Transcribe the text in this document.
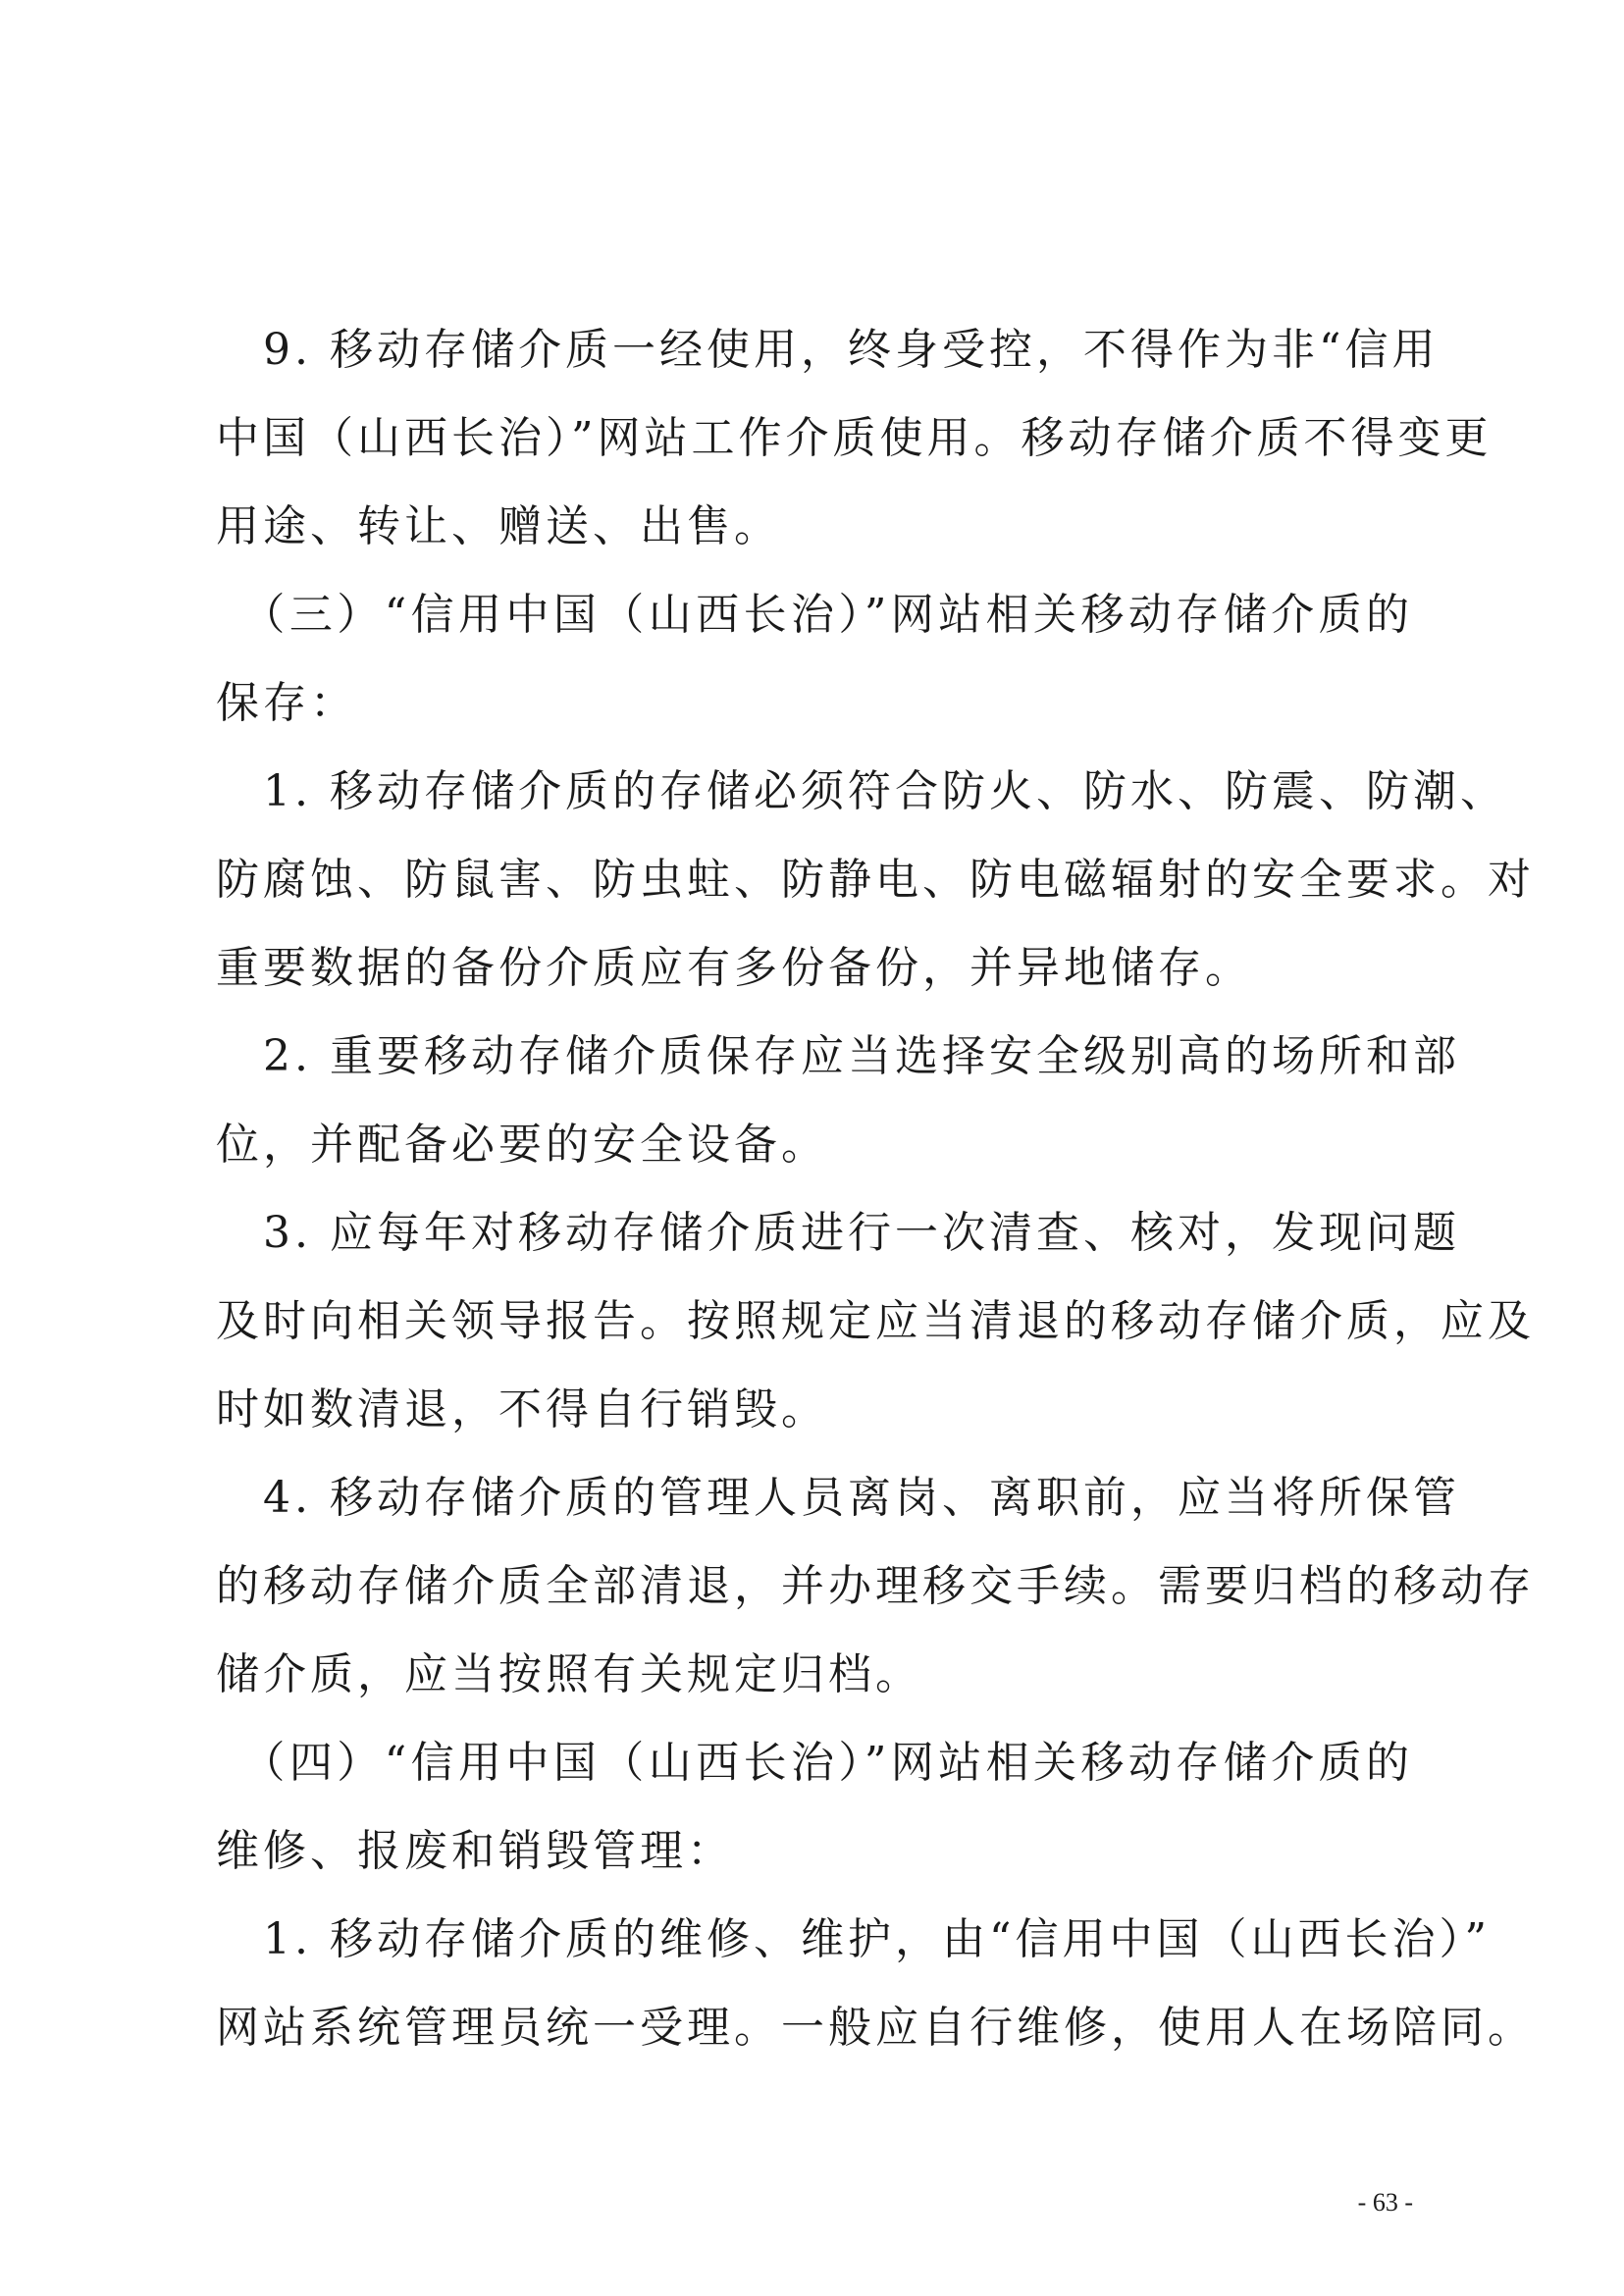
　9. 移动存储介质一经使用，终身受控，不得作为非“信用
中国（山西长治）”网站工作介质使用。移动存储介质不得变更
用途、转让、赠送、出售。
　（三）“信用中国（山西长治）”网站相关移动存储介质的
保存：
　1. 移动存储介质的存储必须符合防火、防水、防震、防潮、
防腐蚀、防鼠害、防虫蛀、防静电、防电磁辐射的安全要求。对
重要数据的备份介质应有多份备份，并异地储存。
　2. 重要移动存储介质保存应当选择安全级别高的场所和部
位，并配备必要的安全设备。
　3. 应每年对移动存储介质进行一次清查、核对，发现问题
及时向相关领导报告。按照规定应当清退的移动存储介质，应及
时如数清退，不得自行销毁。
　4. 移动存储介质的管理人员离岗、离职前，应当将所保管
的移动存储介质全部清退，并办理移交手续。需要归档的移动存
储介质，应当按照有关规定归档。
　（四）“信用中国（山西长治）”网站相关移动存储介质的
维修、报废和销毁管理：
　1. 移动存储介质的维修、维护，由“信用中国（山西长治）”
网站系统管理员统一受理。一般应自行维修，使用人在场陪同。
- 63 -
